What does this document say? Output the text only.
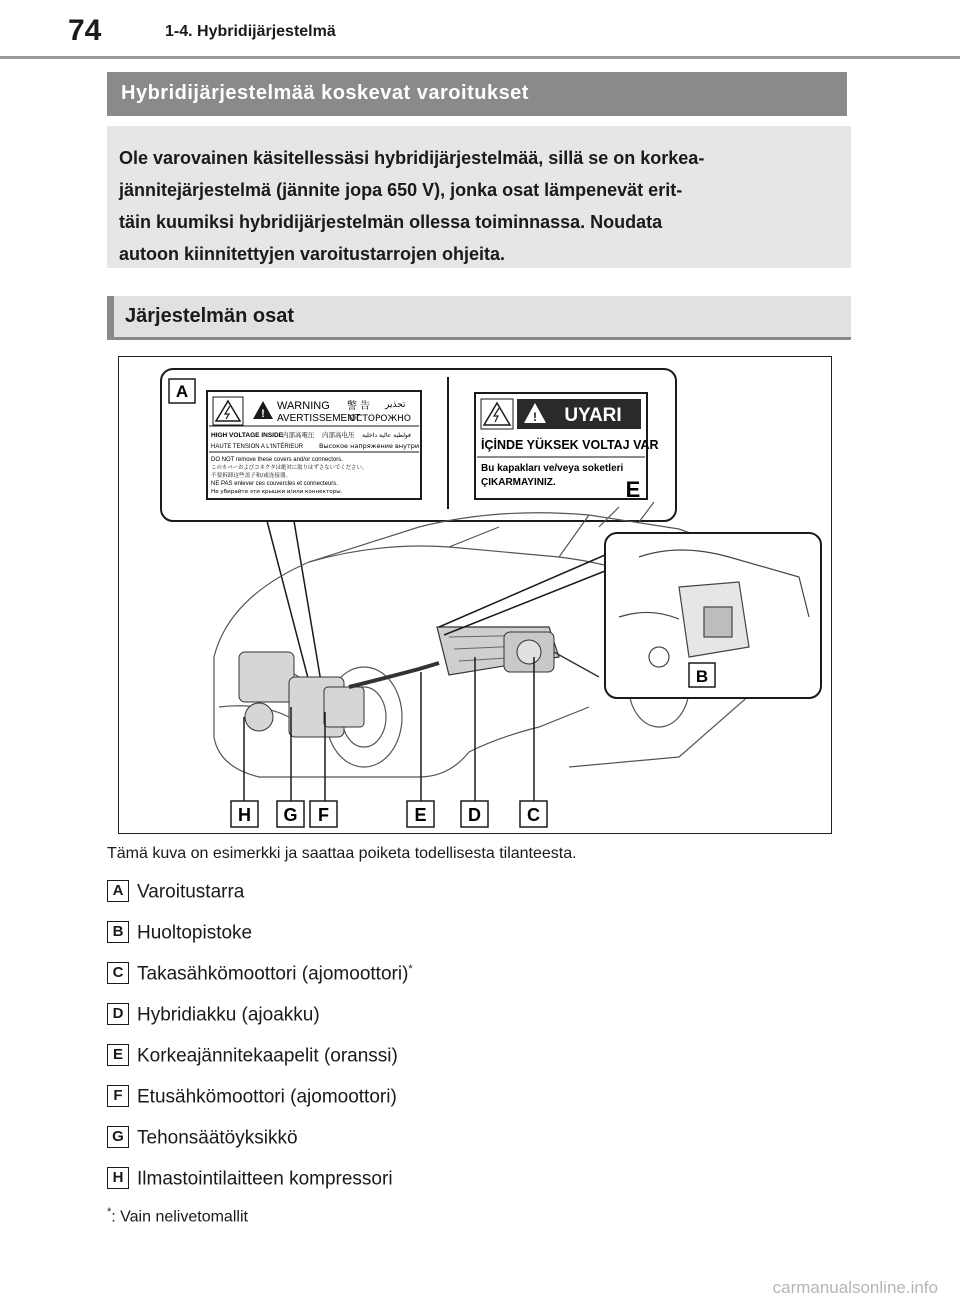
74	1-4. Hybridijärjestelmä
Hybridijärjestelmää koskevat varoitukset

Ole varovainen käsitellessäsi hybridijärjestelmää, sillä se on korkea-

jännitejärjestelmä (jännite jopa 650 V), jonka osat lämpenevät erit-

täin kuumiksi hybridijärjestelmän ollessa toiminnassa. Noudata

autoon kiinnitettyjen varoitustarrojen ohjeita.

Järjestelmän osat
A
!
WARNING
AVERTISSEMENT
警 告 تحذير
ОСТОРОЖНО
HIGH VOLTAGE INSIDE 内部高電圧 内部高电压 فولطية عالية داخلية
HAUTE TENSION A L'INTÉRIEUR Высокое напряжение внутри
DO NOT remove these covers and/or connectors.
このカバーおよびコネクタは絶対に取りはずさないでください。
不要拆卸这些盖子和/或连接器。
NE PAS enlever ces couvercles et connecteurs.
Не убирайте эти крышки и/или коннекторы.
! UYARI
İÇİNDE YÜKSEK VOLTAJ VAR
Bu kapakları ve/veya soketleri
ÇIKARMAYINIZ.	E
B
H G F	E D	C
Tämä kuva on esimerkki ja saattaa poiketa todellisesta tilanteesta.
A Varoitustarra
B Huoltopistoke
C Takasähkömoottori (ajomoottori)*
D Hybridiakku (ajoakku)
E Korkeajännitekaapelit (oranssi)
F Etusähkömoottori (ajomoottori)
G Tehonsäätöyksikkö
H Ilmastointilaitteen kompressori
*: Vain nelivetomallit
carmanualsonline.info
